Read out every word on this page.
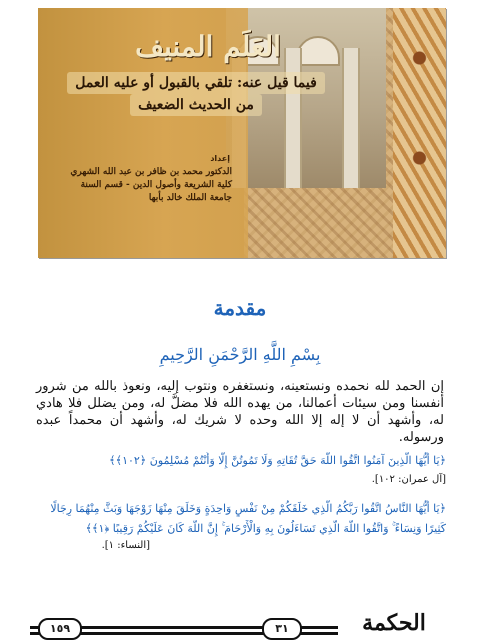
العَلَم المنيف
فيما قيل عنه: تلقي بالقبول أو عليه العمل
من الحديث الضعيف
إعداد
الدكتور محمد بن ظافر بن عبد الله الشهري
كلية الشريعة وأصول الدين - قسم السنة
جامعة الملك خالد بأبها
مقدمة
بِسْمِ اللَّهِ الرَّحْمَنِ الرَّحِيمِ
إن الحمد لله نحمده ونستعينه، ونستغفره ونتوب إليه، ونعوذ بالله من شرور أنفسنا ومن سيئات أعمالنا، من يهده الله فلا مضلَّ له، ومن يضلل فلا هادي له، وأشهد أن لا إله إلا الله وحده لا شريك له، وأشهد أن محمداً عبده ورسوله.
﴿يَا أَيُّهَا الَّذِينَ آمَنُوا اتَّقُوا اللَّهَ حَقَّ تُقَاتِهِ وَلَا تَمُوتُنَّ إِلَّا وَأَنْتُمْ مُسْلِمُونَ ﴿١٠٢﴾﴾
[آل عمران: ١٠٢].
﴿يَا أَيُّهَا النَّاسُ اتَّقُوا رَبَّكُمُ الَّذِي خَلَقَكُمْ مِنْ نَفْسٍ وَاحِدَةٍ وَخَلَقَ مِنْهَا زَوْجَهَا وَبَثَّ مِنْهُمَا رِجَالًا
كَثِيرًا وَنِسَاءً ۚ وَاتَّقُوا اللَّهَ الَّذِي تَسَاءَلُونَ بِهِ وَالْأَرْحَامَ ۚ إِنَّ اللَّهَ كَانَ عَلَيْكُمْ رَقِيبًا ﴿١﴾﴾
[النساء: ١].
١٥٩	٣١	الحكمة
